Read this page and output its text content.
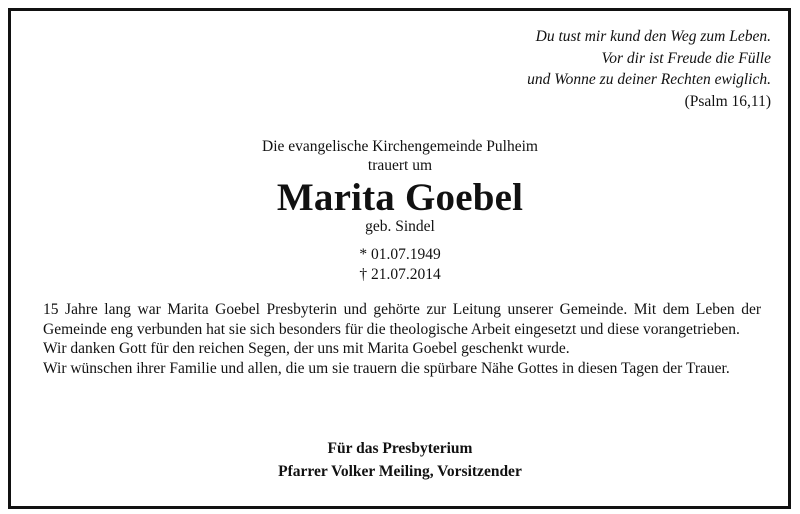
Du tust mir kund den Weg zum Leben.
Vor dir ist Freude die Fülle
und Wonne zu deiner Rechten ewiglich.
(Psalm 16,11)
Die evangelische Kirchengemeinde Pulheim
trauert um
Marita Goebel
geb. Sindel
* 01.07.1949
† 21.07.2014

15 Jahre lang war Marita Goebel Presbyterin und gehörte zur Leitung unserer Gemeinde. Mit dem Leben der Gemeinde eng verbunden hat sie sich besonders für die theologische Arbeit eingesetzt und diese vorangetrieben.

Wir danken Gott für den reichen Segen, der uns mit Marita Goebel geschenkt wurde.

Wir wünschen ihrer Familie und allen, die um sie trauern die spürbare Nähe Gottes in diesen Tagen der Trauer.

Für das Presbyterium
Pfarrer Volker Meiling, Vorsitzender
